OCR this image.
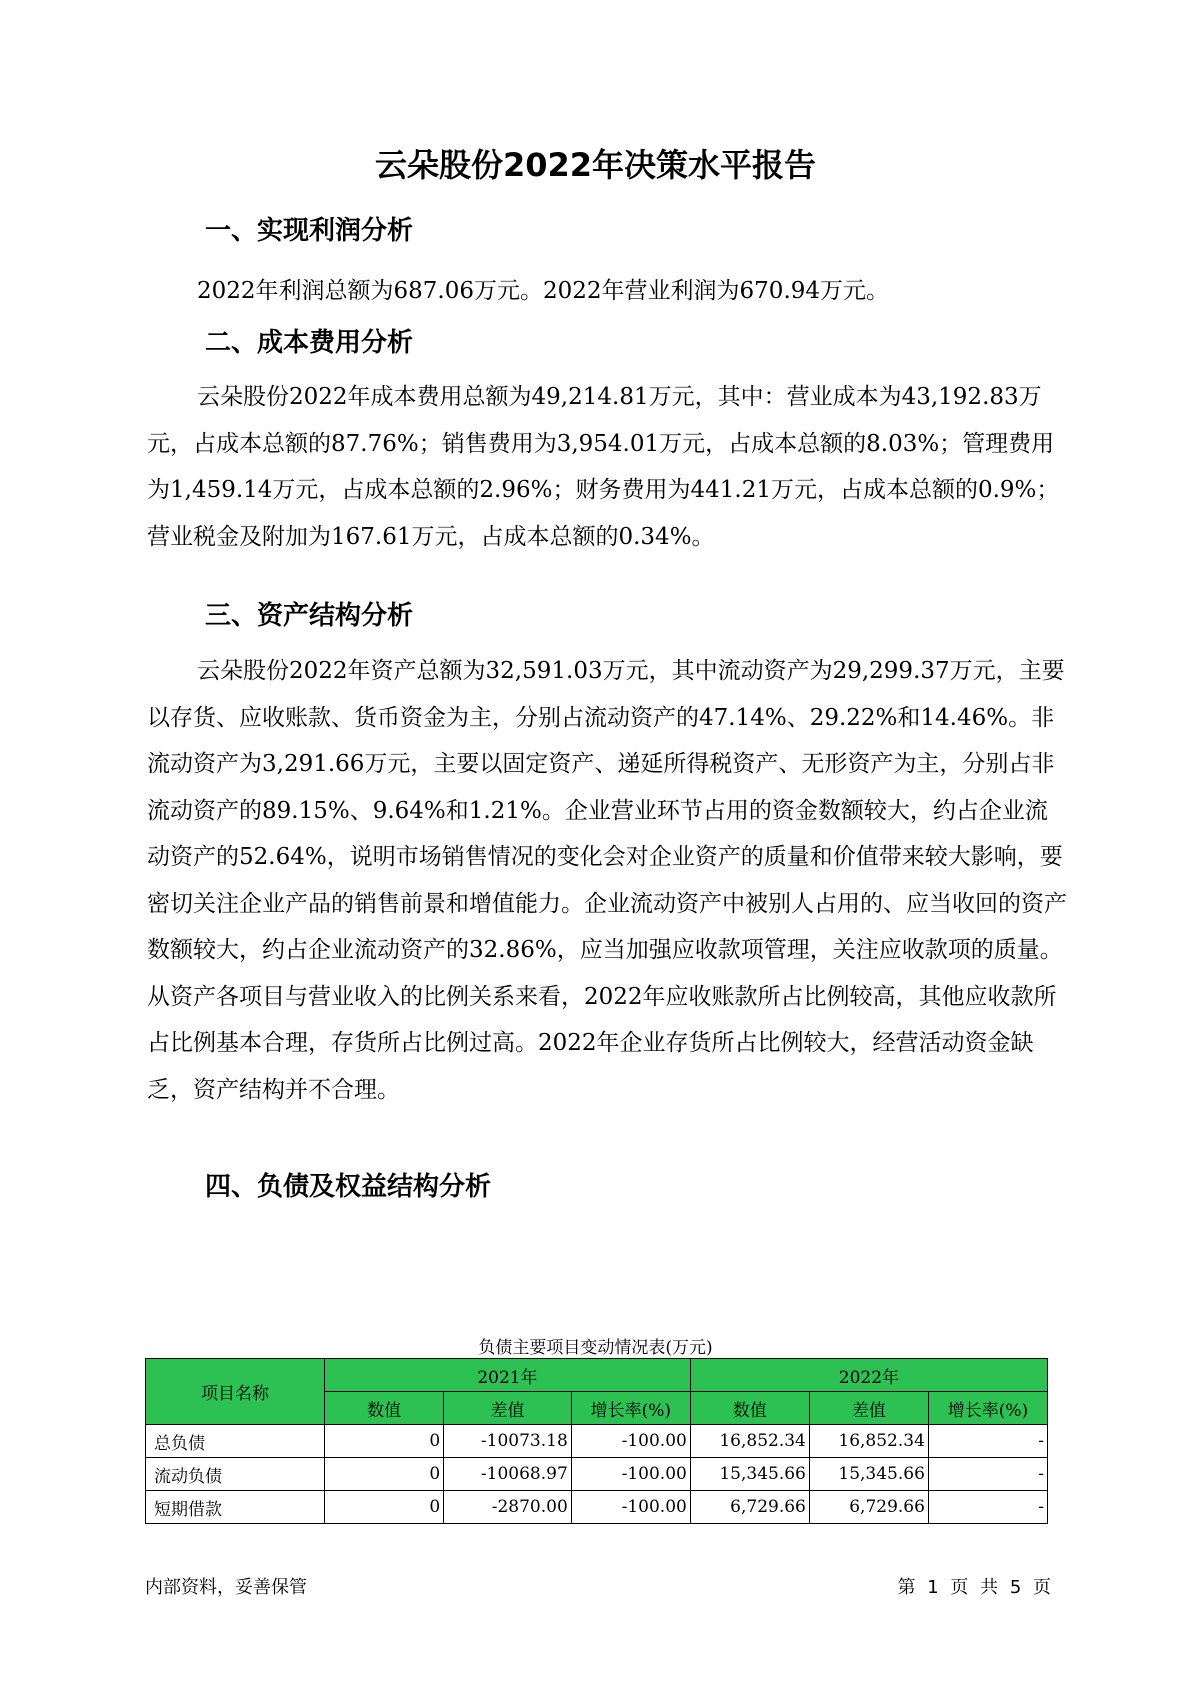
云朵股份2022年决策水平报告
一、实现利润分析

2022年利润总额为687.06万元。2022年营业利润为670.94万元。

二、成本费用分析

云朵股份2022年成本费用总额为49,214.81万元，其中：营业成本为43,192.83万元，占成本总额的87.76%；销售费用为3,954.01万元，占成本总额的8.03%；管理费用为1,459.14万元，占成本总额的2.96%；财务费用为441.21万元，占成本总额的0.9%；营业税金及附加为167.61万元，占成本总额的0.34%。

三、资产结构分析

云朵股份2022年资产总额为32,591.03万元，其中流动资产为29,299.37万元，主要以存货、应收账款、货币资金为主，分别占流动资产的47.14%、29.22%和14.46%。非流动资产为3,291.66万元，主要以固定资产、递延所得税资产、无形资产为主，分别占非流动资产的89.15%、9.64%和1.21%。企业营业环节占用的资金数额较大，约占企业流动资产的52.64%，说明市场销售情况的变化会对企业资产的质量和价值带来较大影响，要密切关注企业产品的销售前景和增值能力。企业流动资产中被别人占用的、应当收回的资产数额较大，约占企业流动资产的32.86%，应当加强应收款项管理，关注应收款项的质量。从资产各项目与营业收入的比例关系来看，2022年应收账款所占比例较高，其他应收款所占比例基本合理，存货所占比例过高。2022年企业存货所占比例较大，经营活动资金缺乏，资产结构并不合理。

四、负债及权益结构分析

负债主要项目变动情况表(万元)

项目名称	2021年			2022年		
	数值	差值	增长率(%)	数值	差值	增长率(%)
总负债	0	-10073.18	-100.00	16,852.34	16,852.34	-
流动负债	0	-10068.97	-100.00	15,345.66	15,345.66	-
短期借款	0	-2870.00	-100.00	6,729.66	6,729.66	-
内部资料，妥善保管	第 1 页 共 5 页
